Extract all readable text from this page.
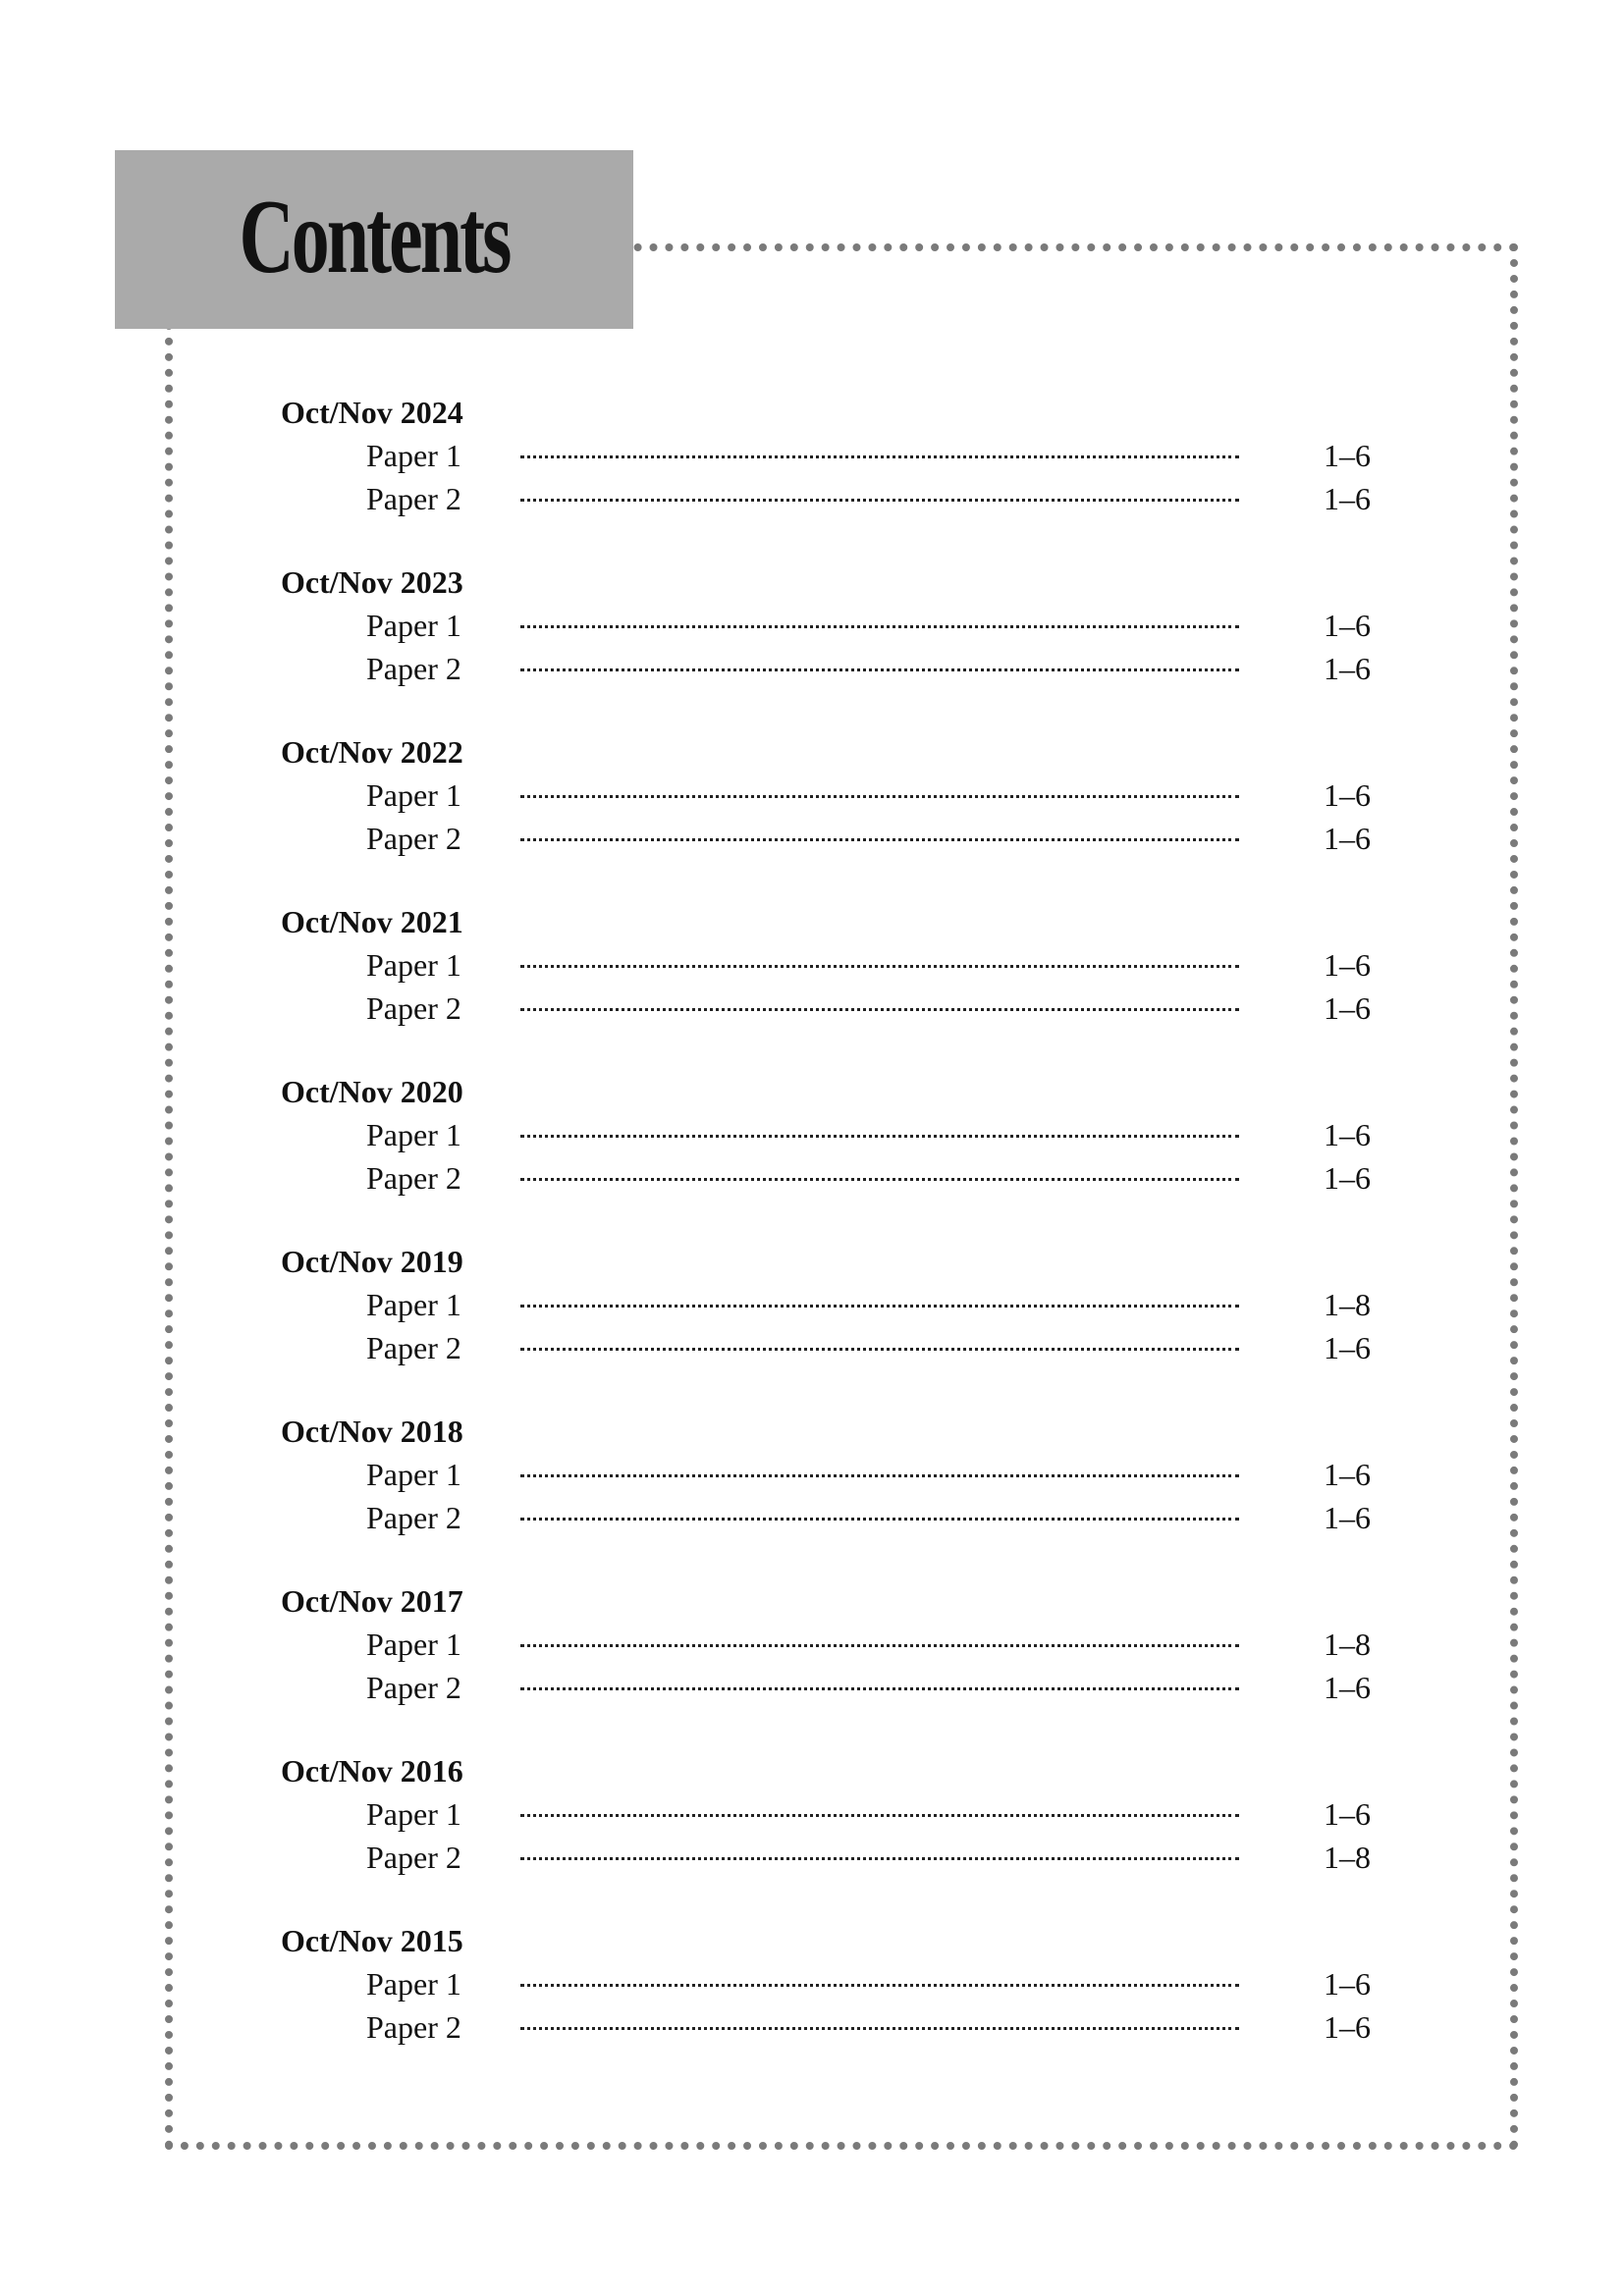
Contents
Oct/Nov 2024
Paper 1	1–6
Paper 2	1–6
Oct/Nov 2023
Paper 1	1–6
Paper 2	1–6
Oct/Nov 2022
Paper 1	1–6
Paper 2	1–6
Oct/Nov 2021
Paper 1	1–6
Paper 2	1–6
Oct/Nov 2020
Paper 1	1–6
Paper 2	1–6
Oct/Nov 2019
Paper 1	1–8
Paper 2	1–6
Oct/Nov 2018
Paper 1	1–6
Paper 2	1–6
Oct/Nov 2017
Paper 1	1–8
Paper 2	1–6
Oct/Nov 2016
Paper 1	1–6
Paper 2	1–8
Oct/Nov 2015
Paper 1	1–6
Paper 2	1–6
